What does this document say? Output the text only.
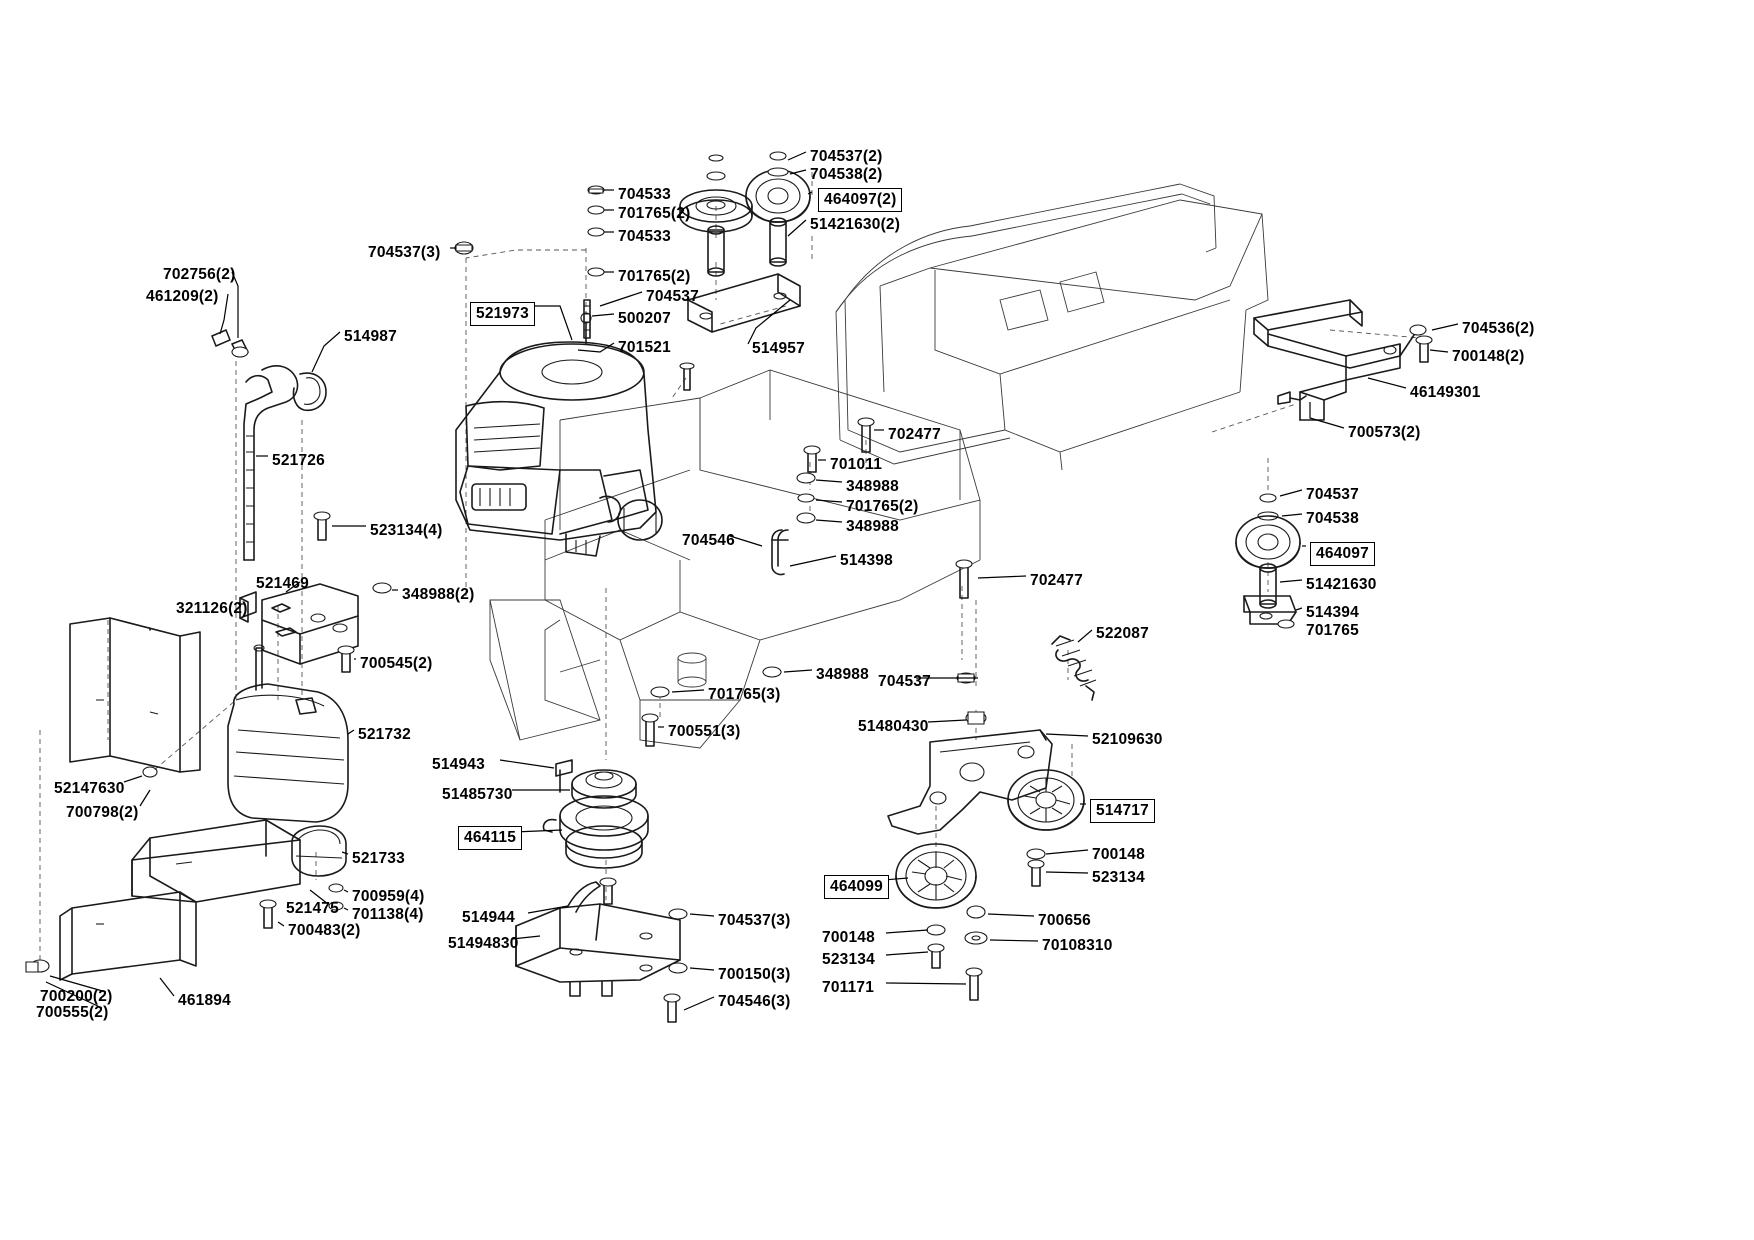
704537(2)
704538(2)
464097(2)
51421630(2)
704533
701765(2)
704533
704537(3)
701765(2)
704537
521973	500207
514957
701521
702756(2)
461209(2)
514987
521726
704536(2)
700148(2)
46149301
700573(2)
702477
701011
348988
701765(2)
348988
704546
514398
702477
704537
704538
464097
51421630
514394
701765
523134(4)
521469
348988(2)
321126(2)
700545(2)
348988 704537
701765(3)
700551(3)
522087
51480430
52109630
521732
52147630
700798(2)
514943
51485730
464115
514717
700148
523134
464099
521733
700959(4)
521475 701138(4)	700656
700148	70108310
523134
701171
514944	704537(3)
51494830
700483(2)
700150(3)
704546(3)
700200(2)	461894
700555(2)
